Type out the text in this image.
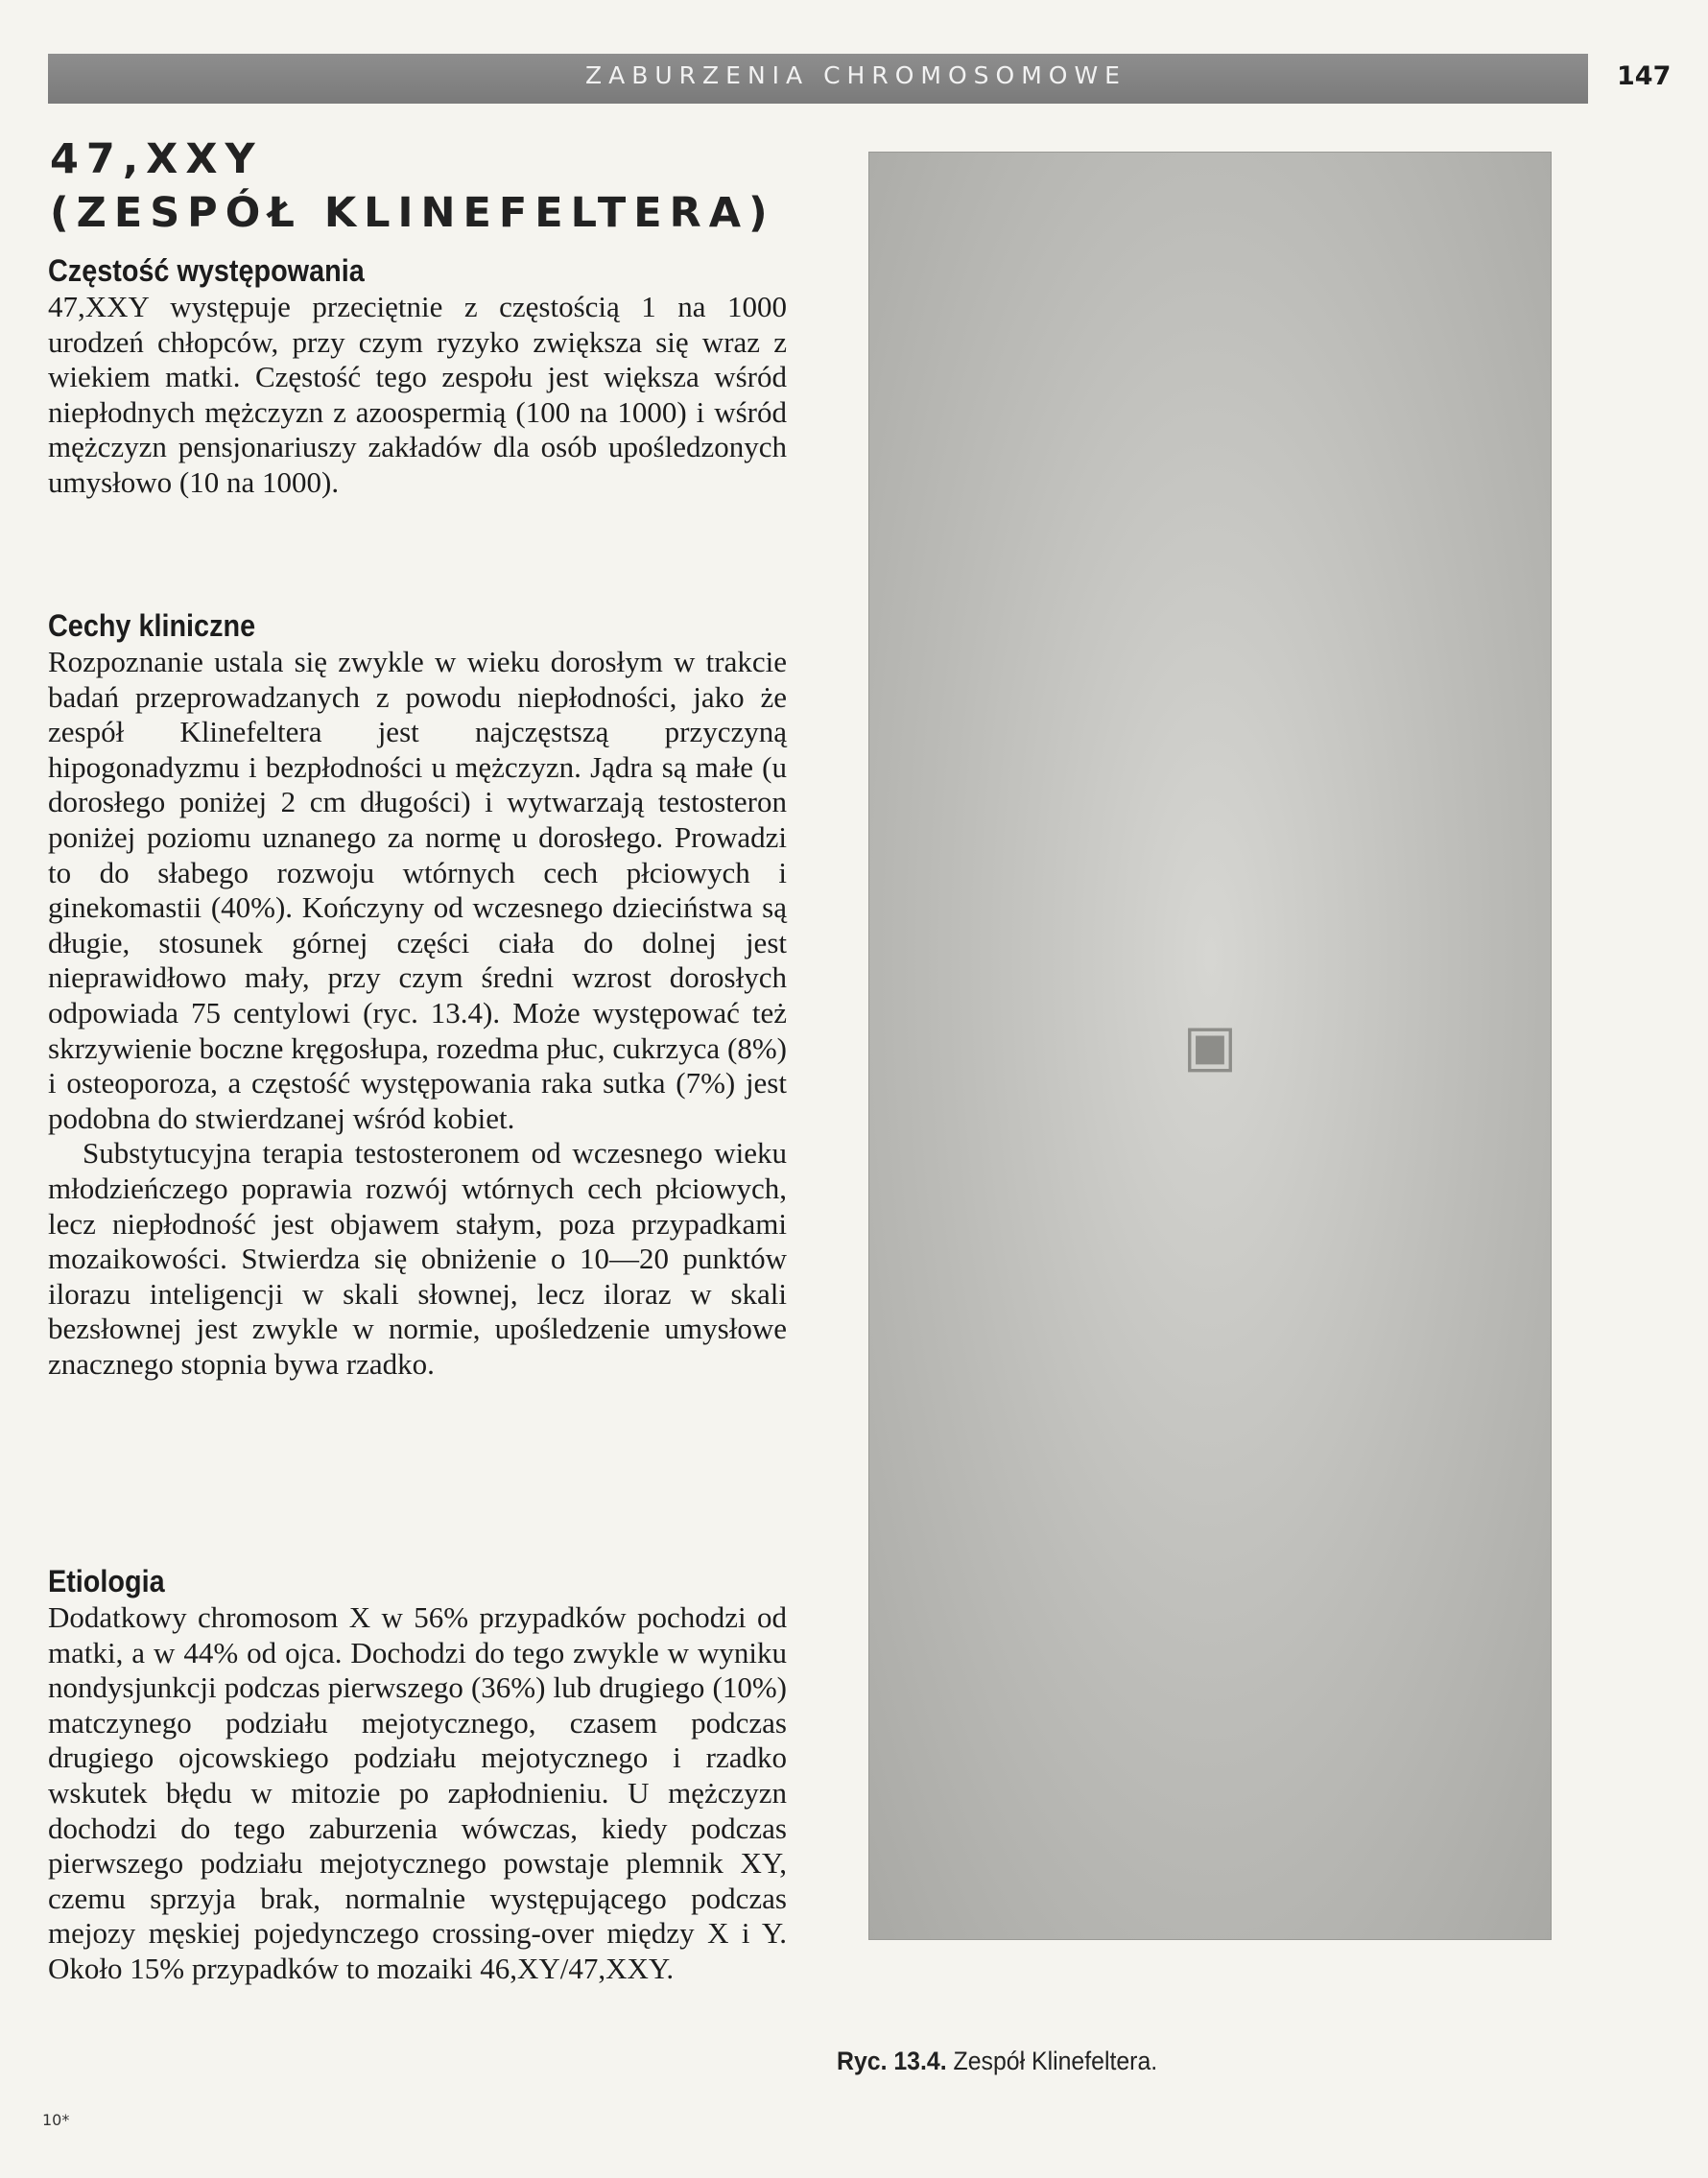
ZABURZENIA CHROMOSOMOWE	147
47,XXY
(ZESPÓŁ KLINEFELTERA)
Częstość występowania

47,XXY występuje przeciętnie z częstością 1 na 1000 urodzeń chłopców, przy czym ryzyko zwiększa się wraz z wiekiem matki. Częstość tego zespołu jest większa wśród niepłodnych mężczyzn z azoospermią (100 na 1000) i wśród mężczyzn pensjonariuszy zakładów dla osób upośledzonych umysłowo (10 na 1000).

Cechy kliniczne

Rozpoznanie ustala się zwykle w wieku dorosłym w trakcie badań przeprowadzanych z powodu niepłodności, jako że zespół Klinefeltera jest najczęstszą przyczyną hipogonadyzmu i bezpłodności u mężczyzn. Jądra są małe (u dorosłego poniżej 2 cm długości) i wytwarzają testosteron poniżej poziomu uznanego za normę u dorosłego. Prowadzi to do słabego rozwoju wtórnych cech płciowych i ginekomastii (40%). Kończyny od wczesnego dzieciństwa są długie, stosunek górnej części ciała do dolnej jest nieprawidłowo mały, przy czym średni wzrost dorosłych odpowiada 75 centylowi (ryc. 13.4). Może występować też skrzywienie boczne kręgosłupa, rozedma płuc, cukrzyca (8%) i osteoporoza, a częstość występowania raka sutka (7%) jest podobna do stwierdzanej wśród kobiet.

Substytucyjna terapia testosteronem od wczesnego wieku młodzieńczego poprawia rozwój wtórnych cech płciowych, lecz niepłodność jest objawem stałym, poza przypadkami mozaikowości. Stwierdza się obniżenie o 10—20 punktów ilorazu inteligencji w skali słownej, lecz iloraz w skali bezsłownej jest zwykle w normie, upośledzenie umysłowe znacznego stopnia bywa rzadko.

Etiologia

Dodatkowy chromosom X w 56% przypadków pochodzi od matki, a w 44% od ojca. Dochodzi do tego zwykle w wyniku nondysjunkcji podczas pierwszego (36%) lub drugiego (10%) matczynego podziału mejotycznego, czasem podczas drugiego ojcowskiego podziału mejotycznego i rzadko wskutek błędu w mitozie po zapłodnieniu. U mężczyzn dochodzi do tego zaburzenia wówczas, kiedy podczas pierwszego podziału mejotycznego powstaje plemnik XY, czemu sprzyja brak, normalnie występującego podczas mejozy męskiej pojedynczego crossing-over między X i Y. Około 15% przypadków to mozaiki 46,XY/47,XXY.

▣
Ryc. 13.4. Zespół Klinefeltera.
10*
